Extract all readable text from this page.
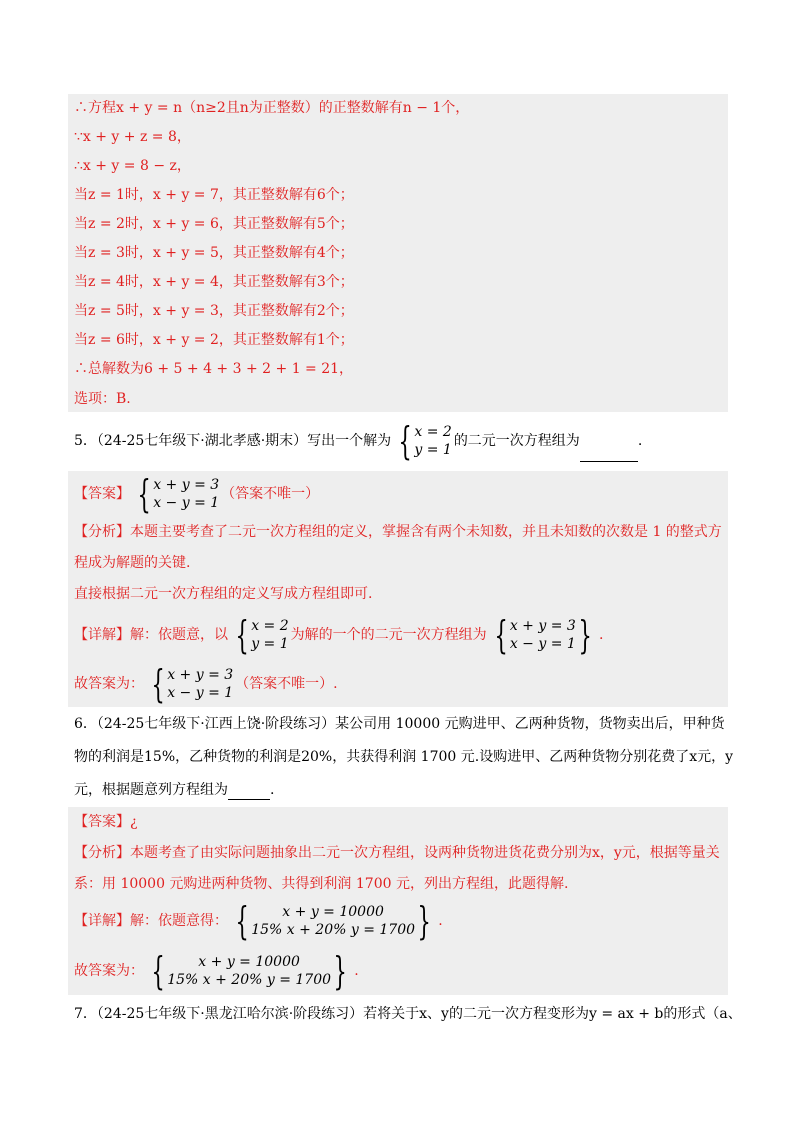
∴方程x + y = n（n≥2且n为正整数）的正整数解有n − 1个，
∵x + y + z = 8，
∴x + y = 8 − z，
当z = 1时，x + y = 7，其正整数解有6个；
当z = 2时，x + y = 6，其正整数解有5个；
当z = 3时，x + y = 5，其正整数解有4个；
当z = 4时，x + y = 4，其正整数解有3个；
当z = 5时，x + y = 3，其正整数解有2个；
当z = 6时，x + y = 2，其正整数解有1个；
∴总解数为6 + 5 + 4 + 3 + 2 + 1 = 21，
选项：B.
5．（24-25七年级下·湖北孝感·期末）写出一个解为 { x = 2
y = 1
的二元一次方程组为	.
【答案】 { x + y = 3
x − y = 1
（答案不唯一）
【分析】本题主要考查了二元一次方程组的定义，掌握含有两个未知数，并且未知数的次数是 1 的整式方
程成为解题的关键.
直接根据二元一次方程组的定义写成方程组即可.
【详解】解：依题意，以 { x = 2
y = 1
为解的一个的二元一次方程组为 { x + y = 3
x − y = 1 } .
故答案为： { x + y = 3
x − y = 1
（答案不唯一）.
6．（24-25七年级下·江西上饶·阶段练习）某公司用 10000 元购进甲、乙两种货物，货物卖出后，甲种货
物的利润是15%，乙种货物的利润是20%，共获得利润 1700 元.设购进甲、乙两种货物分别花费了x元，y
元，根据题意列方程组为	.
【答案】¿
【分析】本题考查了由实际问题抽象出二元一次方程组，设两种货物进货花费分别为x，y元，根据等量关
系：用 10000 元购进两种货物、共得到利润 1700 元，列出方程组，此题得解.
【详解】解：依题意得： { x + y = 10000
15% x + 20% y = 1700 } .
故答案为： { x + y = 10000
15% x + 20% y = 1700 } .
7．（24-25七年级下·黑龙江哈尔滨·阶段练习）若将关于x、y的二元一次方程变形为y = ax + b的形式（a、
